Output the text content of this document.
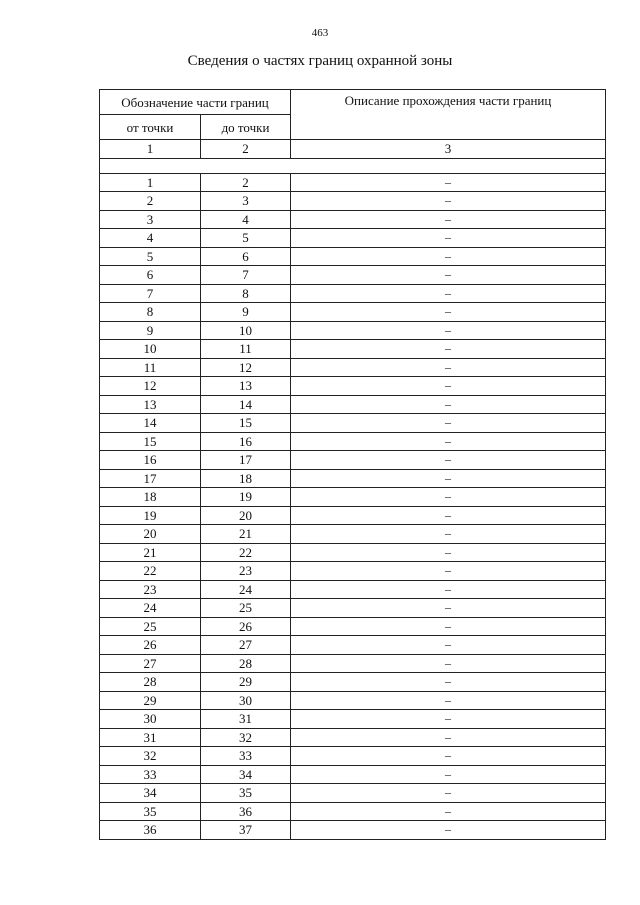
463
Сведения о частях границ охранной зоны
Обозначение части границ		Описание прохождения части границ
от точки	до точки	
1	2	3

1	2	–
2	3	–
3	4	–
4	5	–
5	6	–
6	7	–
7	8	–
8	9	–
9	10	–
10	11	–
11	12	–
12	13	–
13	14	–
14	15	–
15	16	–
16	17	–
17	18	–
18	19	–
19	20	–
20	21	–
21	22	–
22	23	–
23	24	–
24	25	–
25	26	–
26	27	–
27	28	–
28	29	–
29	30	–
30	31	–
31	32	–
32	33	–
33	34	–
34	35	–
35	36	–
36	37	–
